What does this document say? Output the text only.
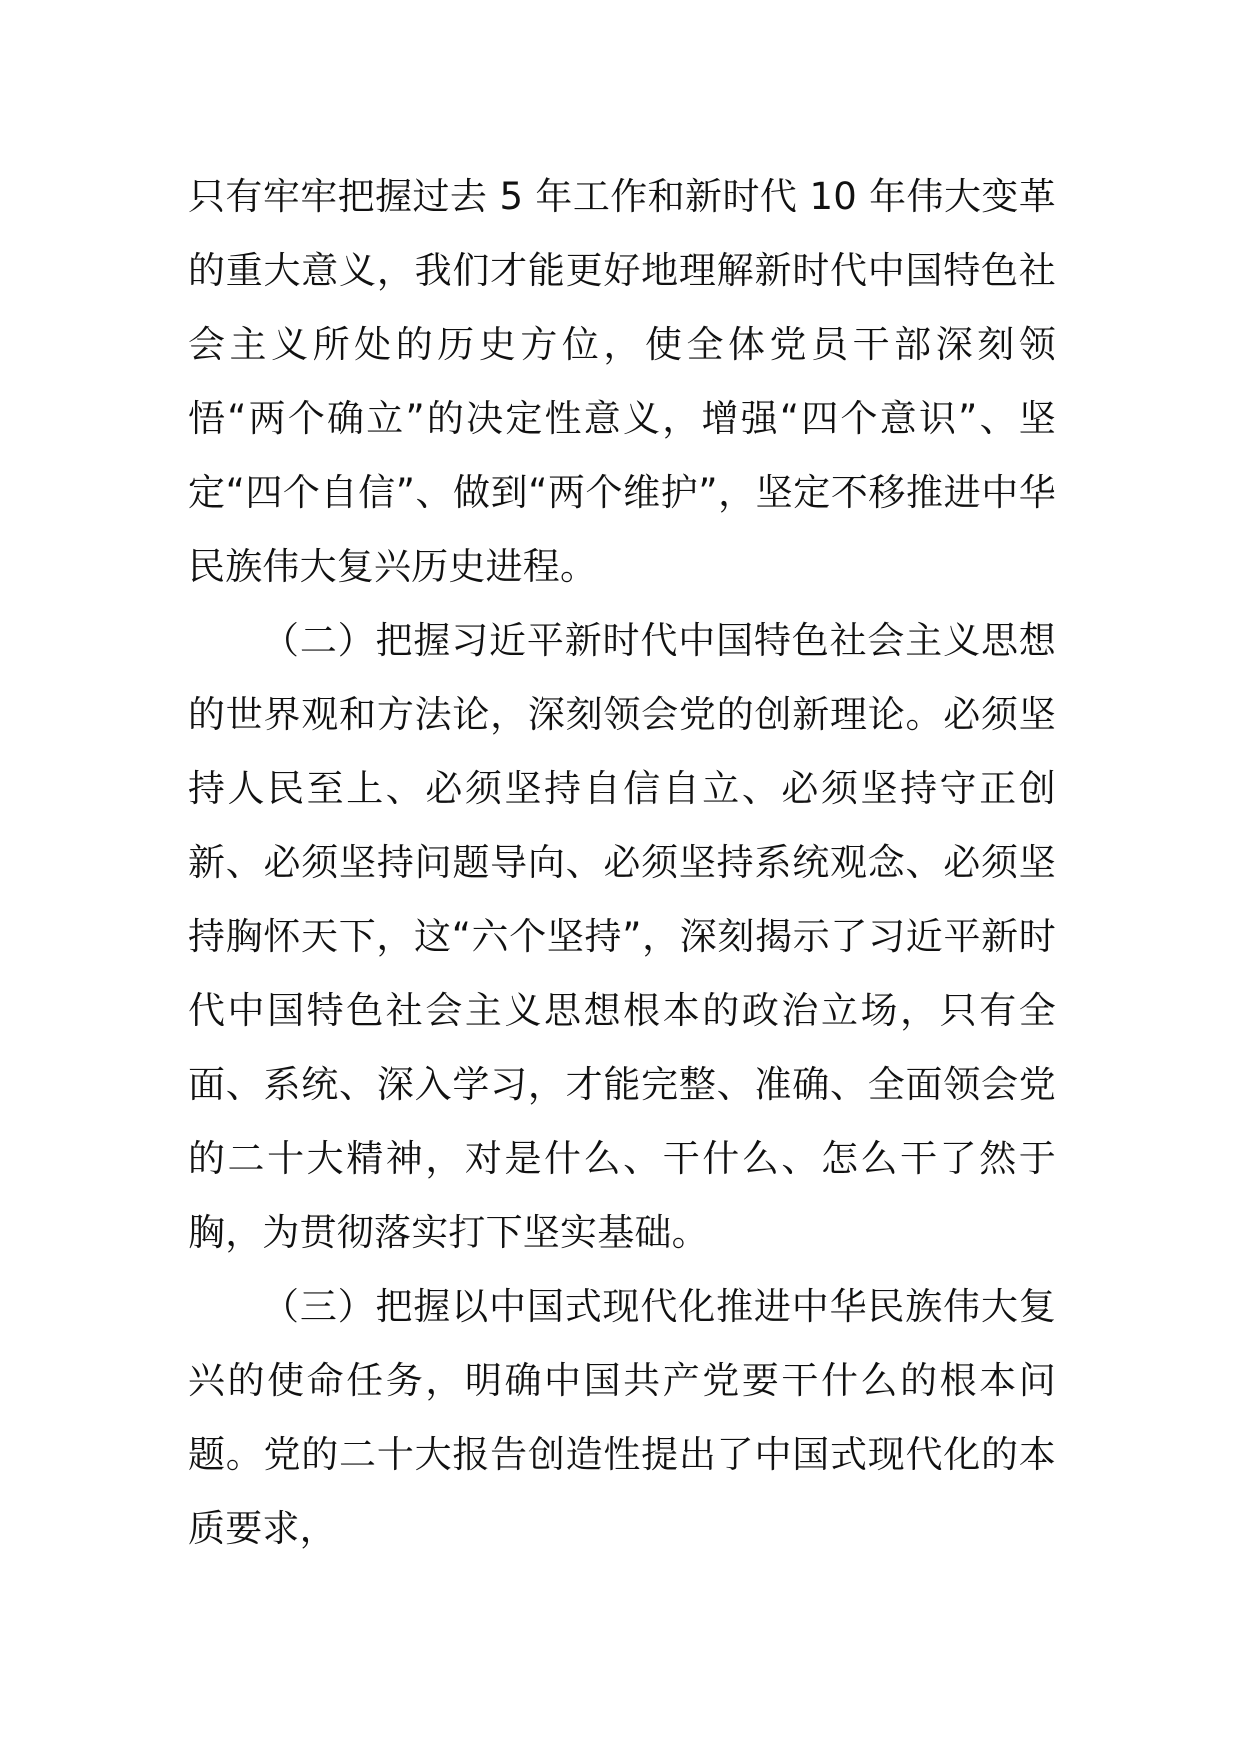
只有牢牢把握过去 5 年工作和新时代 10 年伟大变革的重大意义，我们才能更好地理解新时代中国特色社会主义所处的历史方位，使全体党员干部深刻领悟“两个确立”的决定性意义，增强“四个意识”、坚定“四个自信”、做到“两个维护”，坚定不移推进中华民族伟大复兴历史进程。

（二）把握习近平新时代中国特色社会主义思想的世界观和方法论，深刻领会党的创新理论。必须坚持人民至上、必须坚持自信自立、必须坚持守正创新、必须坚持问题导向、必须坚持系统观念、必须坚持胸怀天下，这“六个坚持”，深刻揭示了习近平新时代中国特色社会主义思想根本的政治立场，只有全面、系统、深入学习，才能完整、准确、全面领会党的二十大精神，对是什么、干什么、怎么干了然于胸，为贯彻落实打下坚实基础。

（三）把握以中国式现代化推进中华民族伟大复兴的使命任务，明确中国共产党要干什么的根本问题。党的二十大报告创造性提出了中国式现代化的本质要求，
